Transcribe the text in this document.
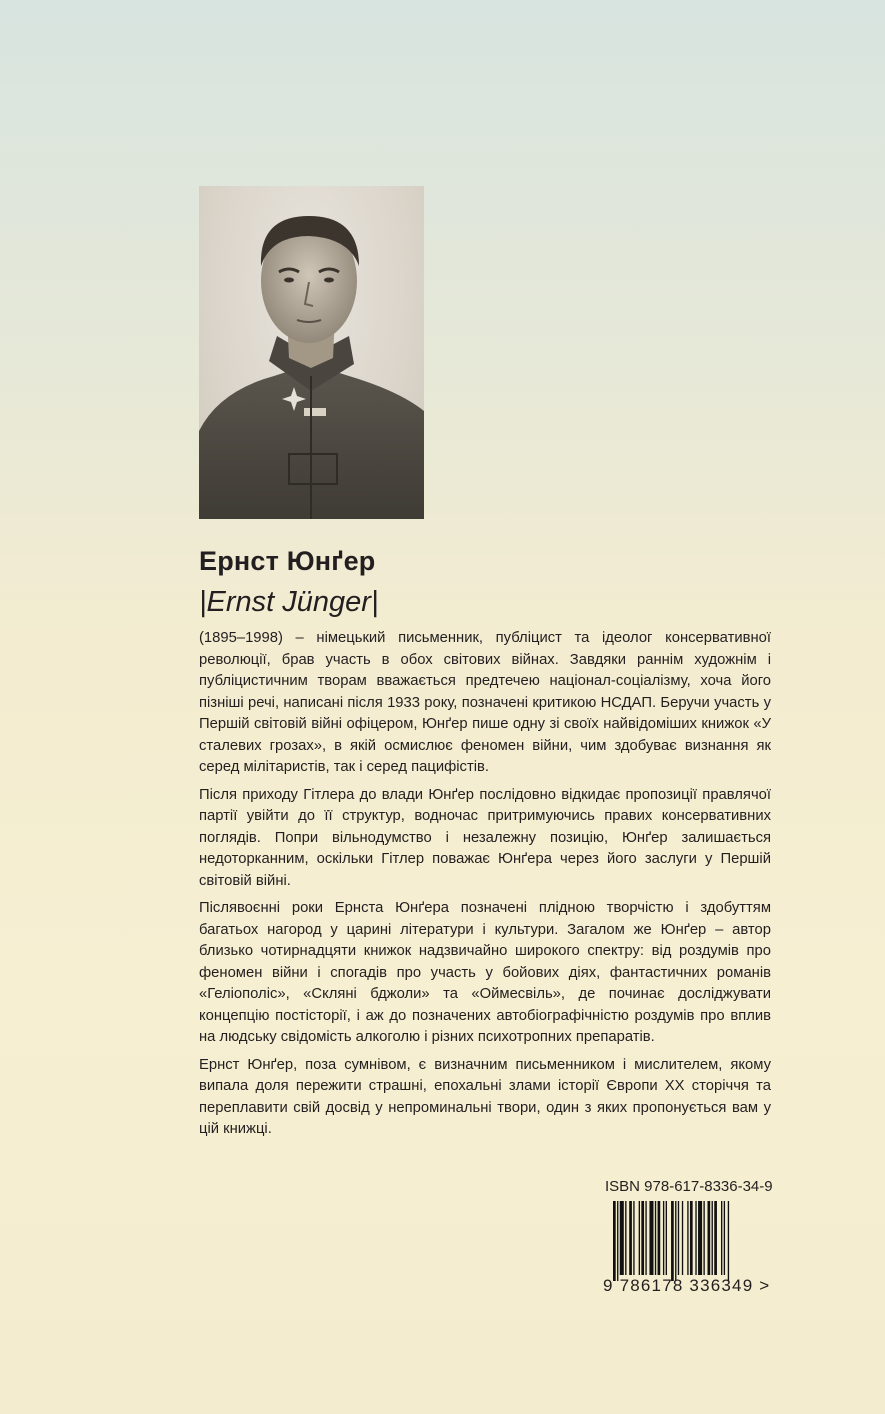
Ернст Юнґер
|Ernst Jünger|

(1895–1998) – німецький письменник, публіцист та ідеолог консервативної революції, брав участь в обох світових війнах. Завдяки раннім художнім і публіцистичним творам вважається предтечею націонал-соціалізму, хоча його пізніші речі, написані після 1933 року, позначені критикою НСДАП. Беручи участь у Першій світовій війні офіцером, Юнґер пише одну зі своїх найвідоміших книжок «У сталевих грозах», в якій осмислює феномен війни, чим здобуває визнання як серед мілітаристів, так і серед пацифістів.

Після приходу Гітлера до влади Юнґер послідовно відкидає пропозиції правлячої партії увійти до її структур, водночас притримуючись правих консервативних поглядів. Попри вільнодумство і незалежну позицію, Юнґер залишається недоторканним, оскільки Гітлер поважає Юнґера через його заслуги у Першій світовій війні.

Післявоєнні роки Ернста Юнґера позначені плідною творчістю і здобуттям багатьох нагород у царині літератури і культури. Загалом же Юнґер – автор близько чотирнадцяти книжок надзвичайно широкого спектру: від роздумів про феномен війни і спогадів про участь у бойових діях, фантастичних романів «Геліополіс», «Скляні бджоли» та «Оймесвіль», де починає досліджувати концепцію постісторії, і аж до позначених автобіографічністю роздумів про вплив на людську свідомість алкоголю і різних психотропних препаратів.

Ернст Юнґер, поза сумнівом, є визначним письменником і мислителем, якому випала доля пережити страшні, епохальні злами історії Європи XX сторіччя та переплавити свій досвід у непроминальні твори, один з яких пропонується вам у цій книжці.

ISBN 978-617-8336-34-9
9 786178 336349 >
